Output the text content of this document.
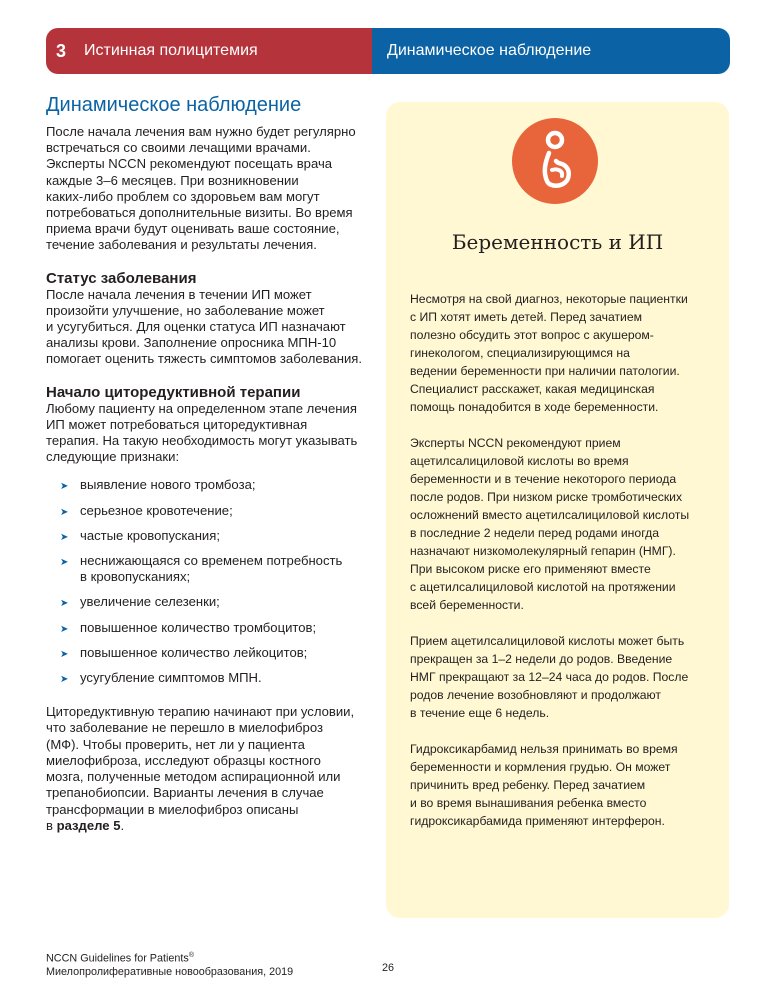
3	Истинная полицитемия	Динамическое наблюдение
Динамическое наблюдение

После начала лечения вам нужно будет регулярно
встречаться со своими лечащими врачами.
Эксперты NCCN рекомендуют посещать врача
каждые 3–6 месяцев. При возникновении
каких-либо проблем со здоровьем вам могут
потребоваться дополнительные визиты. Во время
приема врачи будут оценивать ваше состояние,
течение заболевания и результаты лечения.

Статус заболевания

После начала лечения в течении ИП может
произойти улучшение, но заболевание может
и усугубиться. Для оценки статуса ИП назначают
анализы крови. Заполнение опросника МПН-10
помогает оценить тяжесть симптомов заболевания.

Начало циторедуктивной терапии

Любому пациенту на определенном этапе лечения
ИП может потребоваться циторедуктивная
терапия. На такую необходимость могут указывать
следующие признаки:

➤ выявление нового тромбоза;
➤ серьезное кровотечение;
➤ частые кровопускания;
➤ неснижающаяся со временем потребность
в кровопусканиях;
➤ увеличение селезенки;
➤ повышенное количество тромбоцитов;
➤ повышенное количество лейкоцитов;
➤ усугубление симптомов МПН.

Циторедуктивную терапию начинают при условии,
что заболевание не перешло в миелофиброз
(МФ). Чтобы проверить, нет ли у пациента
миелофиброза, исследуют образцы костного
мозга, полученные методом аспирационной или
трепанобиопсии. Варианты лечения в случае
трансформации в миелофиброз описаны
в разделе 5.

Беременность и ИП

Несмотря на свой диагноз, некоторые пациентки
с ИП хотят иметь детей. Перед зачатием
полезно обсудить этот вопрос с акушером-
гинекологом, специализирующимся на
ведении беременности при наличии патологии.
Специалист расскажет, какая медицинская
помощь понадобится в ходе беременности.

Эксперты NCCN рекомендуют прием
ацетилсалициловой кислоты во время
беременности и в течение некоторого периода
после родов. При низком риске тромботических
осложнений вместо ацетилсалициловой кислоты
в последние 2 недели перед родами иногда
назначают низкомолекулярный гепарин (НМГ).
При высоком риске его применяют вместе
с ацетилсалициловой кислотой на протяжении
всей беременности.

Прием ацетилсалициловой кислоты может быть
прекращен за 1–2 недели до родов. Введение
НМГ прекращают за 12–24 часа до родов. После
родов лечение возобновляют и продолжают
в течение еще 6 недель.

Гидроксикарбамид нельзя принимать во время
беременности и кормления грудью. Он может
причинить вред ребенку. Перед зачатием
и во время вынашивания ребенка вместо
гидроксикарбамида применяют интерферон.

NCCN Guidelines for Patients®
Миелопролиферативные новообразования, 2019	26
